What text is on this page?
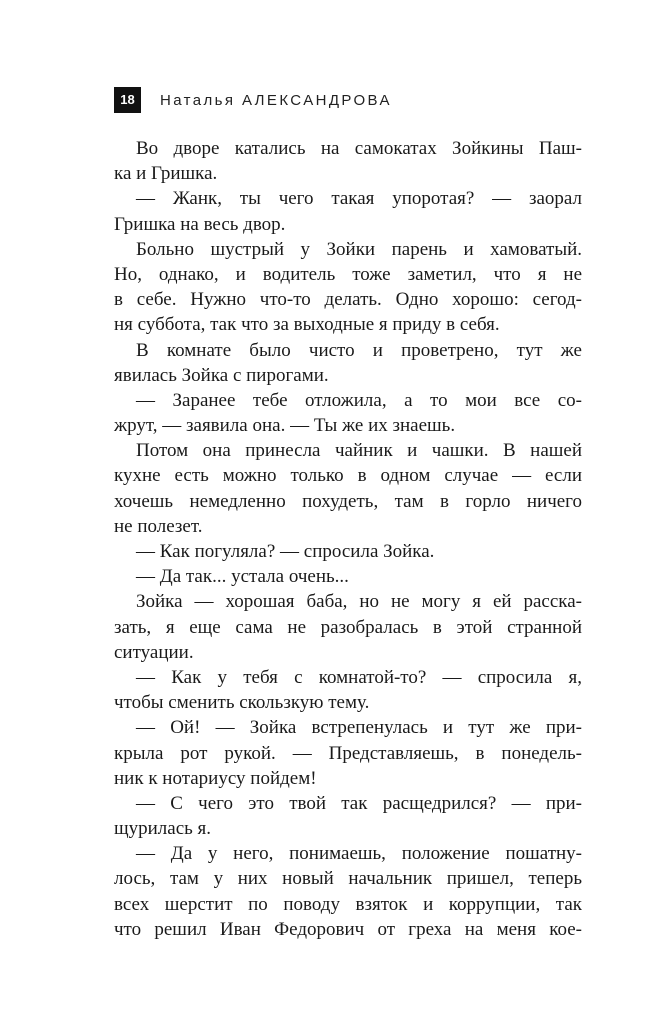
18	Наталья АЛЕКСАНДРОВА
Во дворе катались на самокатах Зойкины Паш-
ка и Гришка.
— Жанк, ты чего такая упоротая? — заорал
Гришка на весь двор.
Больно шустрый у Зойки парень и хамоватый.
Но, однако, и водитель тоже заметил, что я не
в себе. Нужно что-то делать. Одно хорошо: сегод-
ня суббота, так что за выходные я приду в себя.
В комнате было чисто и проветрено, тут же
явилась Зойка с пирогами.
— Заранее тебе отложила, а то мои все со-
жрут, — заявила она. — Ты же их знаешь.
Потом она принесла чайник и чашки. В нашей
кухне есть можно только в одном случае — если
хочешь немедленно похудеть, там в горло ничего
не полезет.
— Как погуляла? — спросила Зойка.
— Да так... устала очень...
Зойка — хорошая баба, но не могу я ей расска-
зать, я еще сама не разобралась в этой странной
ситуации.
— Как у тебя с комнатой-то? — спросила я,
чтобы сменить скользкую тему.
— Ой! — Зойка встрепенулась и тут же при-
крыла рот рукой. — Представляешь, в понедель-
ник к нотариусу пойдем!
— С чего это твой так расщедрился? — при-
щурилась я.
— Да у него, понимаешь, положение пошатну-
лось, там у них новый начальник пришел, теперь
всех шерстит по поводу взяток и коррупции, так
что решил Иван Федорович от греха на меня кое-
